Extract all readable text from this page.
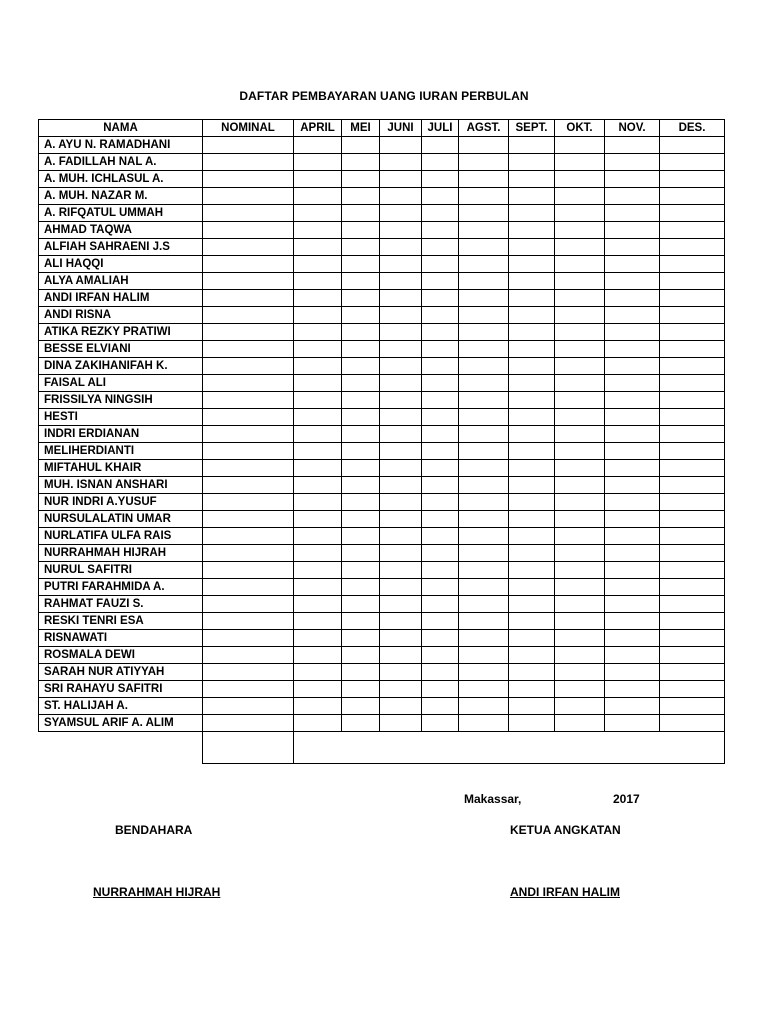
DAFTAR PEMBAYARAN UANG IURAN PERBULAN
NAMA	NOMINAL	APRIL	MEI	JUNI	JULI	AGST.	SEPT.	OKT.	NOV.	DES.
A. AYU N. RAMADHANI										
A. FADILLAH NAL A.										
A. MUH. ICHLASUL A.										
A. MUH. NAZAR M.										
A. RIFQATUL UMMAH										
AHMAD TAQWA										
ALFIAH SAHRAENI J.S										
ALI HAQQI										
ALYA AMALIAH										
ANDI IRFAN HALIM										
ANDI RISNA										
ATIKA REZKY PRATIWI										
BESSE ELVIANI										
DINA ZAKIHANIFAH K.										
FAISAL ALI										
FRISSILYA NINGSIH										
HESTI										
INDRI ERDIANAN										
MELIHERDIANTI										
MIFTAHUL KHAIR										
MUH. ISNAN ANSHARI										
NUR INDRI A.YUSUF										
NURSULALATIN UMAR										
NURLATIFA ULFA RAIS										
NURRAHMAH HIJRAH										
NURUL SAFITRI										
PUTRI FARAHMIDA A.										
RAHMAT FAUZI S.										
RESKI TENRI ESA										
RISNAWATI										
ROSMALA DEWI										
SARAH NUR ATIYYAH										
SRI RAHAYU SAFITRI										
ST. HALIJAH A.										
SYAMSUL ARIF A. ALIM										

Makassar,	2017
BENDAHARA	KETUA ANGKATAN
NURRAHMAH HIJRAH	ANDI IRFAN HALIM
